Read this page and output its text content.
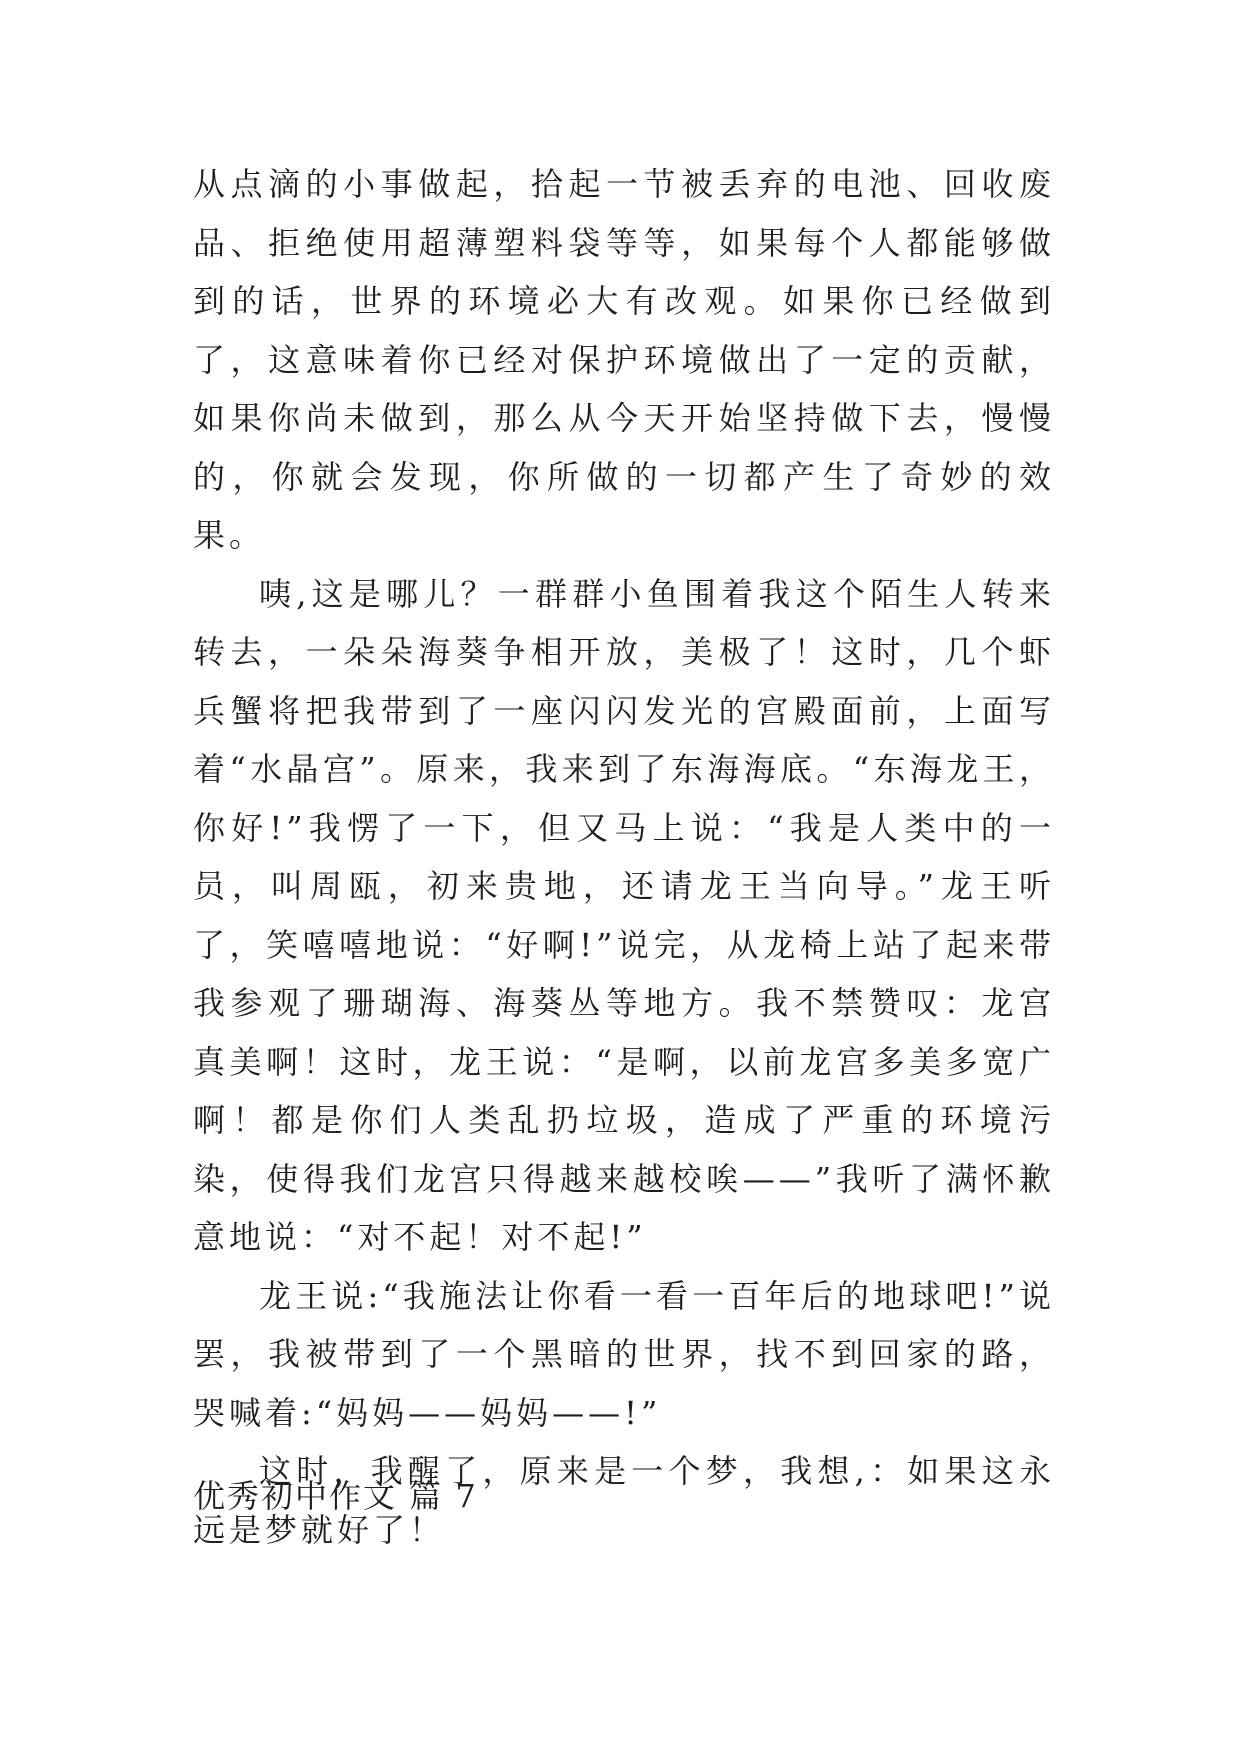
从点滴的小事做起，拾起一节被丢弃的电池、回收废品、拒绝使用超薄塑料袋等等，如果每个人都能够做到的话，世界的环境必大有改观。如果你已经做到了，这意味着你已经对保护环境做出了一定的贡献，如果你尚未做到，那么从今天开始坚持做下去，慢慢的，你就会发现，你所做的一切都产生了奇妙的效果。

咦,这是哪儿？一群群小鱼围着我这个陌生人转来转去，一朵朵海葵争相开放，美极了！这时，几个虾兵蟹将把我带到了一座闪闪发光的宫殿面前，上面写着“水晶宫”。原来，我来到了东海海底。“东海龙王，你好!”我愣了一下，但又马上说：“我是人类中的一员，叫周瓯，初来贵地，还请龙王当向导。”龙王听了，笑嘻嘻地说：“好啊!”说完，从龙椅上站了起来带我参观了珊瑚海、海葵丛等地方。我不禁赞叹：龙宫真美啊！这时，龙王说：“是啊，以前龙宫多美多宽广啊！都是你们人类乱扔垃圾，造成了严重的环境污染，使得我们龙宫只得越来越校唉——”我听了满怀歉意地说：“对不起！对不起!”

龙王说:“我施法让你看一看一百年后的地球吧!”说罢，我被带到了一个黑暗的世界，找不到回家的路，哭喊着:“妈妈——妈妈——!”

这时，我醒了，原来是一个梦，我想,：如果这永远是梦就好了！

优秀初中作文 篇 7
